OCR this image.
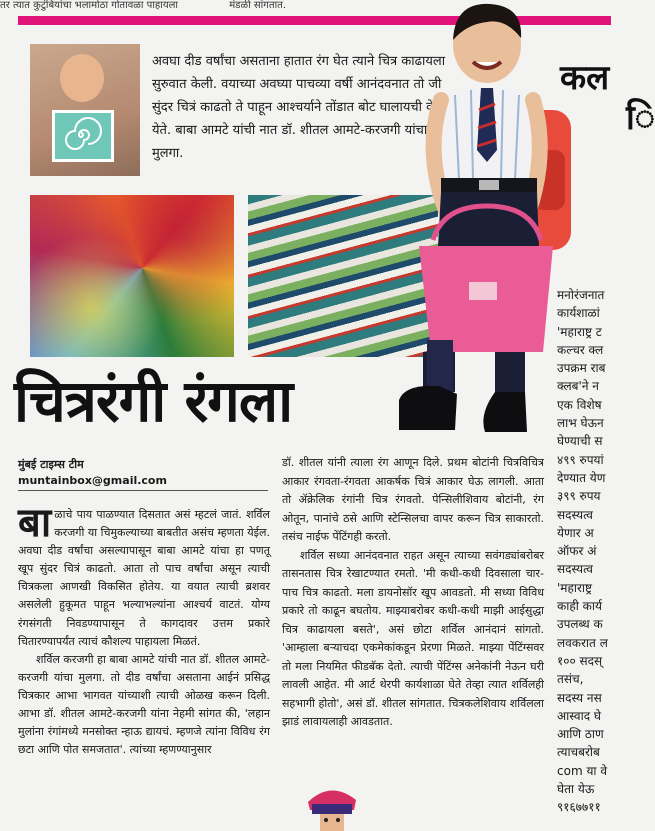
तर त्यात कुटुंबियांचा भलामोठा गोतावळा पाहायला	मंडळी सांगतात.
अवघा दीड वर्षांचा असताना हातात रंग घेत त्याने चित्र काढायला सुरुवात केली. वयाच्या अवघ्या पाचव्या वर्षी आनंदवनात तो जी सुंदर चित्रं काढतो ते पाहून आश्चर्याने तोंडात बोट घालायची वेळ येते. बाबा आमटे यांची नात डॉ. शीतल आमटे-करजगी यांचा हा मुलगा.
कल
ि
मनोरंजनात
कार्यशाळां
'महाराष्ट्र ट
कल्चर क्ल
उपक्रम राब
क्लब'ने न
एक विशेष
लाभ घेऊन
घेण्याची स
४९९ रुपयां
देण्यात येण
३९९ रुपय
सदस्यत्व
येणार अ
ऑफर अं
सदस्यत्व
'महाराष्ट्र
काही कार्य
उपलब्ध क
लवकरात ल
१०० सदस्
तसंच,
सदस्य नस
आस्वाद घे
आणि ठाण
त्याचबरोब
com या वे
घेता येऊ
९१६७७११
चित्ररंगी रंगला
मुंबई टाइम्स टीम
muntainbox@gmail.com

बाळाचे पाय पाळण्यात दिसतात असं म्हटलं जातं. शर्विल करजगी या चिमुकल्याच्या बाबतीत असंच म्हणता येईल. अवघा दीड वर्षांचा असल्यापासून बाबा आमटे यांचा हा पणतू खूप सुंदर चित्रं काढतो. आता तो पाच वर्षांचा असून त्याची चित्रकला आणखी विकसित होतेय. या वयात त्याची ब्रशवर असलेली हुकूमत पाहून भल्याभल्यांना आश्चर्य वाटतं. योग्य रंगसंगती निवडण्यापासून ते कागदावर उत्तम प्रकारे चितारण्यापर्यंत त्याचं कौशल्य पाहायला मिळतं.

शर्विल करजगी हा बाबा आमटे यांची नात डॉ. शीतल आमटे-करजगी यांचा मुलगा. तो दीड वर्षांचा असताना आईनं प्रसिद्ध चित्रकार आभा भागवत यांच्याशी त्याची ओळख करून दिली. आभा डॉ. शीतल आमटे-करजगी यांना नेहमी सांगत की, 'लहान मुलांना रंगांमध्ये मनसोक्त न्हाऊ द्यायचं. म्हणजे त्यांना विविध रंग छटा आणि पोत समजतात'. त्यांच्या म्हणण्यानुसार

डॉ. शीतल यांनी त्याला रंग आणून दिले. प्रथम बोटांनी चित्रविचित्र आकार रंगवता-रंगवता आकर्षक चित्रं आकार घेऊ लागली. आता तो ॲक्रेलिक रंगांनी चित्र रंगवतो. पेन्सिलीशिवाय बोटांनी, रंग ओतून, पानांचे ठसे आणि स्टेन्सिलचा वापर करून चित्र साकारतो. तसंच नाईफ पेंटिंगही करतो.

शर्विल सध्या आनंदवनात राहत असून त्याच्या सवंगड्यांबरोबर तासनतास चित्र रेखाटण्यात रमतो. 'मी कधी-कधी दिवसाला चार-पाच चित्र काढतो. मला डायनोसॉर खूप आवडतो. मी सध्या विविध प्रकारे तो काढून बघतोय. माझ्याबरोबर कधी-कधी माझी आईसुद्धा चित्र काढायला बसते', असं छोटा शर्विल आनंदानं सांगतो. 'आम्हाला बऱ्याचदा एकमेकांकडून प्रेरणा मिळते. माझ्या पेंटिंग्सवर तो मला नियमित फीडबॅक देतो. त्याची पेंटिंग्स अनेकांनी नेऊन घरी लावली आहेत. मी आर्ट थेरपी कार्यशाळा घेते तेव्हा त्यात शर्विलही सहभागी होतो', असं डॉ. शीतल सांगतात. चित्रकलेशिवाय शर्विलला झाडं लावायलाही आवडतात.
